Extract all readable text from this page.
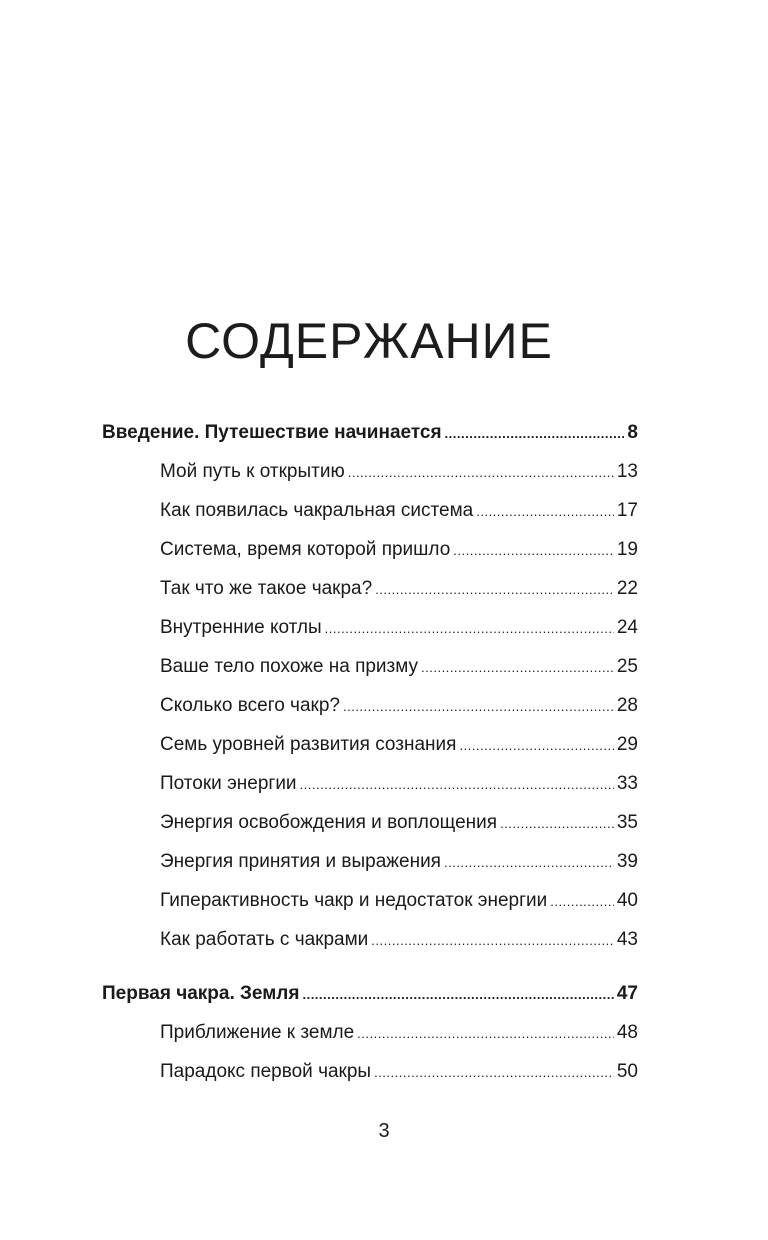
СОДЕРЖАНИЕ
Введение. Путешествие начинается .....	8
Мой путь к открытию .....	13
Как появилась чакральная система .....	17
Система, время которой пришло .....	19
Так что же такое чакра? .....	22
Внутренние котлы .....	24
Ваше тело похоже на призму .....	25
Сколько всего чакр? .....	28
Семь уровней развития сознания .....	29
Потоки энергии .....	33
Энергия освобождения и воплощения .....	35
Энергия принятия и выражения .....	39
Гиперактивность чакр и недостаток энергии .....	40
Как работать с чакрами .....	43
Первая чакра. Земля .....	47
Приближение к земле .....	48
Парадокс первой чакры .....	50
3
